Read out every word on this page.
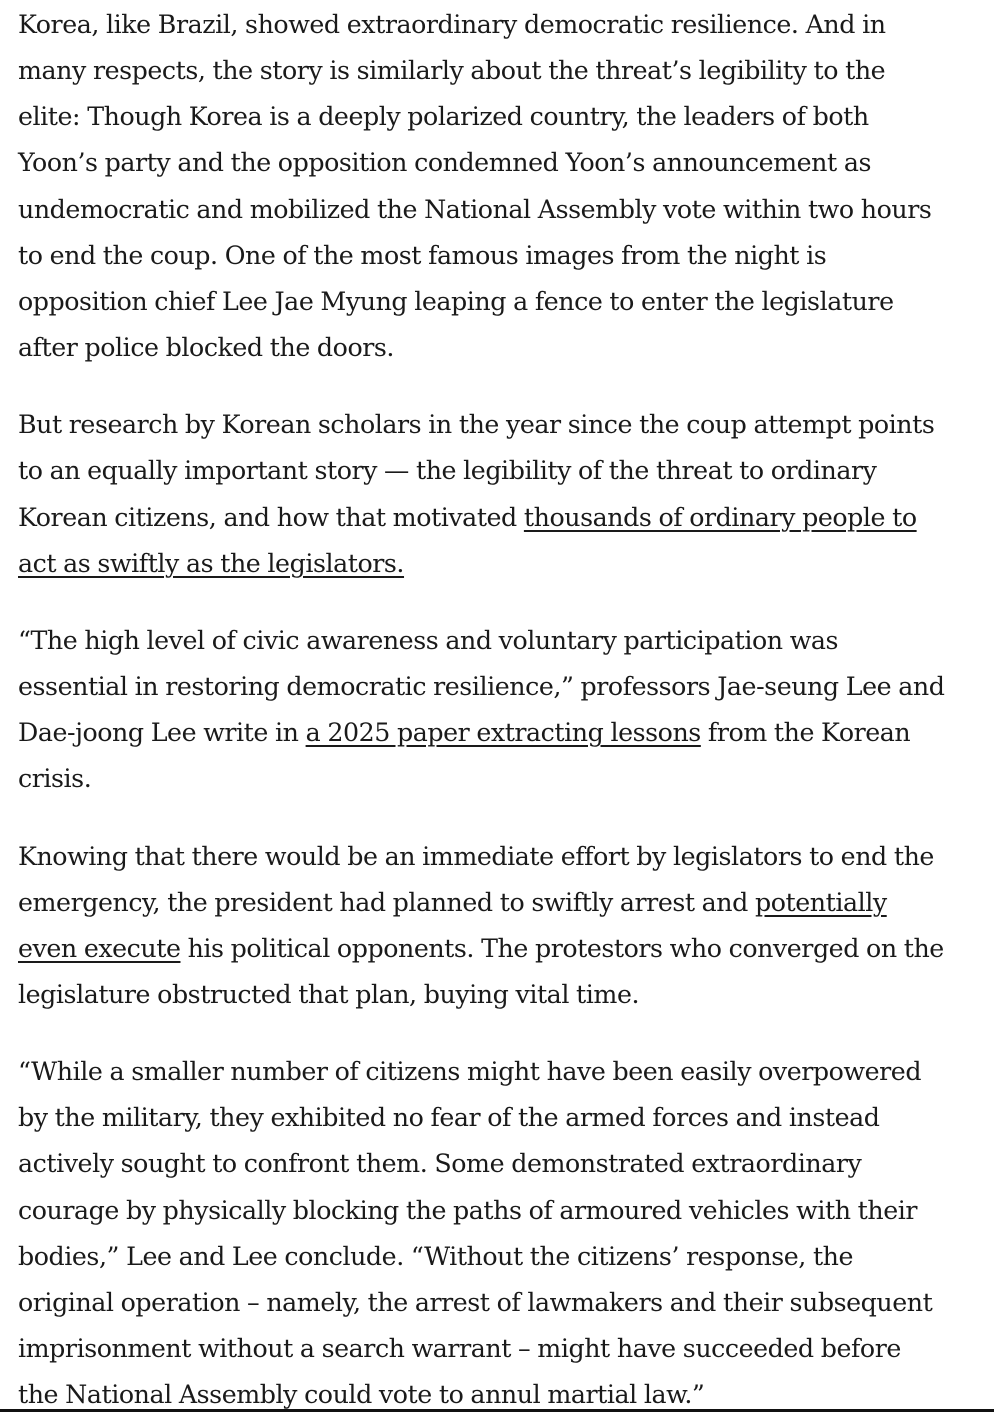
Korea, like Brazil, showed extraordinary democratic resilience. And in
many respects, the story is similarly about the threat’s legibility to the
elite: Though Korea is a deeply polarized country, the leaders of both
Yoon’s party and the opposition condemned Yoon’s announcement as
undemocratic and mobilized the National Assembly vote within two hours
to end the coup. One of the most famous images from the night is
opposition chief Lee Jae Myung leaping a fence to enter the legislature
after police blocked the doors.

But research by Korean scholars in the year since the coup attempt points
to an equally important story — the legibility of the threat to ordinary
Korean citizens, and how that motivated thousands of ordinary people to
act as swiftly as the legislators.

“The high level of civic awareness and voluntary participation was
essential in restoring democratic resilience,” professors Jae-seung Lee and
Dae-joong Lee write in a 2025 paper extracting lessons from the Korean
crisis.

Knowing that there would be an immediate effort by legislators to end the
emergency, the president had planned to swiftly arrest and potentially
even execute his political opponents. The protestors who converged on the
legislature obstructed that plan, buying vital time.

“While a smaller number of citizens might have been easily overpowered
by the military, they exhibited no fear of the armed forces and instead
actively sought to confront them. Some demonstrated extraordinary
courage by physically blocking the paths of armoured vehicles with their
bodies,” Lee and Lee conclude. “Without the citizens’ response, the
original operation – namely, the arrest of lawmakers and their subsequent
imprisonment without a search warrant – might have succeeded before
the National Assembly could vote to annul martial law.”
